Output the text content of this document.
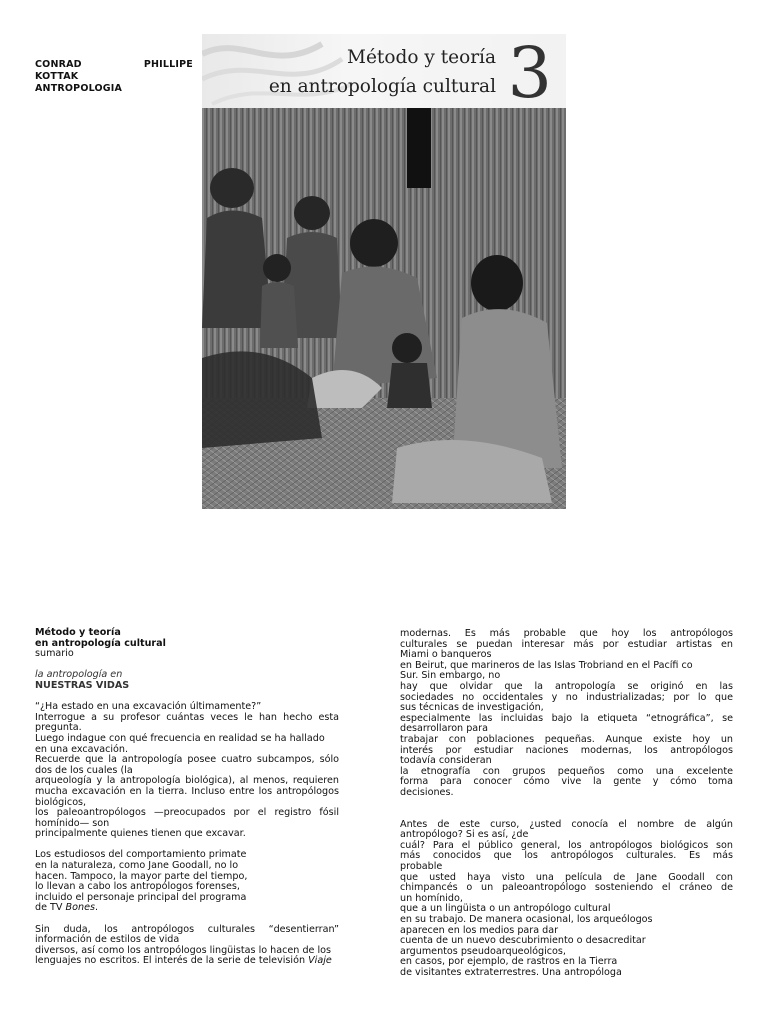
CONRAD	PHILLIPE
KOTTAK
ANTROPOLOGIA
Método y teoría
en antropología cultural 3

Método y teoría

en antropología cultural

sumario

la antropología en

NUESTRAS VIDAS

“¿Ha estado en una excavación últimamente?”

Interrogue a su profesor cuántas veces le han hecho esta

pregunta.

Luego indague con qué frecuencia en realidad se ha hallado

en una excavación.

Recuerde que la antropología posee cuatro subcampos, sólo

dos de los cuales (la

arqueología y la antropología biológica), al menos, requieren

mucha excavación en la tierra. Incluso entre los antropólogos

biológicos,

los paleoantropólogos —preocupados por el registro fósil

homínido— son

principalmente quienes tienen que excavar.

Los estudiosos del comportamiento primate

en la naturaleza, como Jane Goodall, no lo

hacen. Tampoco, la mayor parte del tiempo,

lo llevan a cabo los antropólogos forenses,

incluido el personaje principal del programa

de TV Bones.

Sin duda, los antropólogos culturales “desentierran”

información de estilos de vida

diversos, así como los antropólogos lingüistas lo hacen de los

lenguajes no escritos. El interés de la serie de televisión Viaje

modernas. Es más probable que hoy los antropólogos

culturales se puedan interesar más por estudiar artistas en

Miami o banqueros

en Beirut, que marineros de las Islas Trobriand en el Pacífi co

Sur. Sin embargo, no

hay que olvidar que la antropología se originó en las

sociedades no occidentales y no industrializadas; por lo que

sus técnicas de investigación,

especialmente las incluidas bajo la etiqueta “etnográfica”, se

desarrollaron para

trabajar con poblaciones pequeñas. Aunque existe hoy un

interés por estudiar naciones modernas, los antropólogos

todavía consideran

la etnografía con grupos pequeños como una excelente

forma para conocer cómo vive la gente y cómo toma

decisiones.

Antes de este curso, ¿usted conocía el nombre de algún

antropólogo? Si es así, ¿de

cuál? Para el público general, los antropólogos biológicos son

más conocidos que los antropólogos culturales. Es más

probable

que usted haya visto una película de Jane Goodall con

chimpancés o un paleoantropólogo sosteniendo el cráneo de

un homínido,

que a un lingüista o un antropólogo cultural

en su trabajo. De manera ocasional, los arqueólogos

aparecen en los medios para dar

cuenta de un nuevo descubrimiento o desacreditar

argumentos pseudoarqueológicos,

en casos, por ejemplo, de rastros en la Tierra

de visitantes extraterrestres. Una antropóloga
